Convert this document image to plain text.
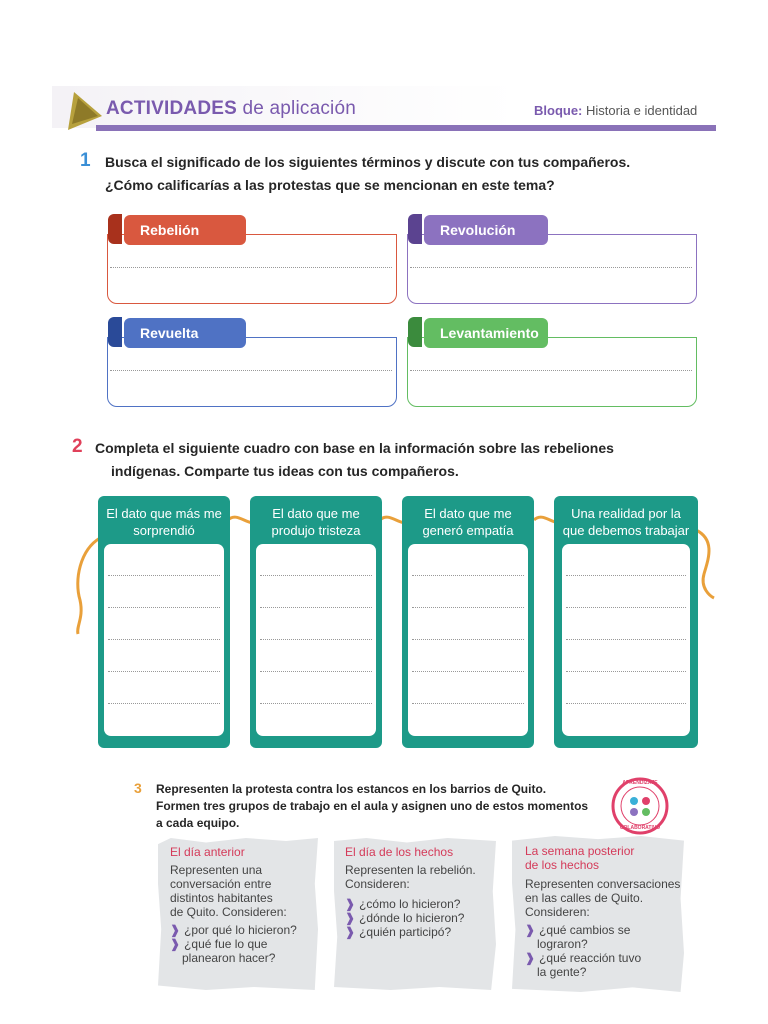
ACTIVIDADES de aplicación	Bloque: Historia e identidad
1 Busca el significado de los siguientes términos y discute con tus compañeros.
¿Cómo calificarías a las protestas que se mencionan en este tema?
Rebelión	Revolución
Revuelta	Levantamiento
2 Completa el siguiente cuadro con base en la información sobre las rebeliones
indígenas. Comparte tus ideas con tus compañeros.
El dato que más me
sorprendió
El dato que me
produjo tristeza
El dato que me
generó empatía
Una realidad por la
que debemos trabajar
3 Representen la protesta contra los estancos en los barrios de Quito.
Formen tres grupos de trabajo en el aula y asignen uno de estos momentos
a cada equipo.
APRENDIZAJE
COLABORATIVO
El día anterior
Representen una
conversación entre
distintos habitantes
de Quito. Consideren:
❱ ¿por qué lo hicieron?
❱ ¿qué fue lo que
planearon hacer?
El día de los hechos
Representen la rebelión.
Consideren:
❱ ¿cómo lo hicieron?
❱ ¿dónde lo hicieron?
❱ ¿quién participó?
La semana posterior
de los hechos
Representen conversaciones
en las calles de Quito.
Consideren:
❱ ¿qué cambios se
lograron?
❱ ¿qué reacción tuvo
la gente?
